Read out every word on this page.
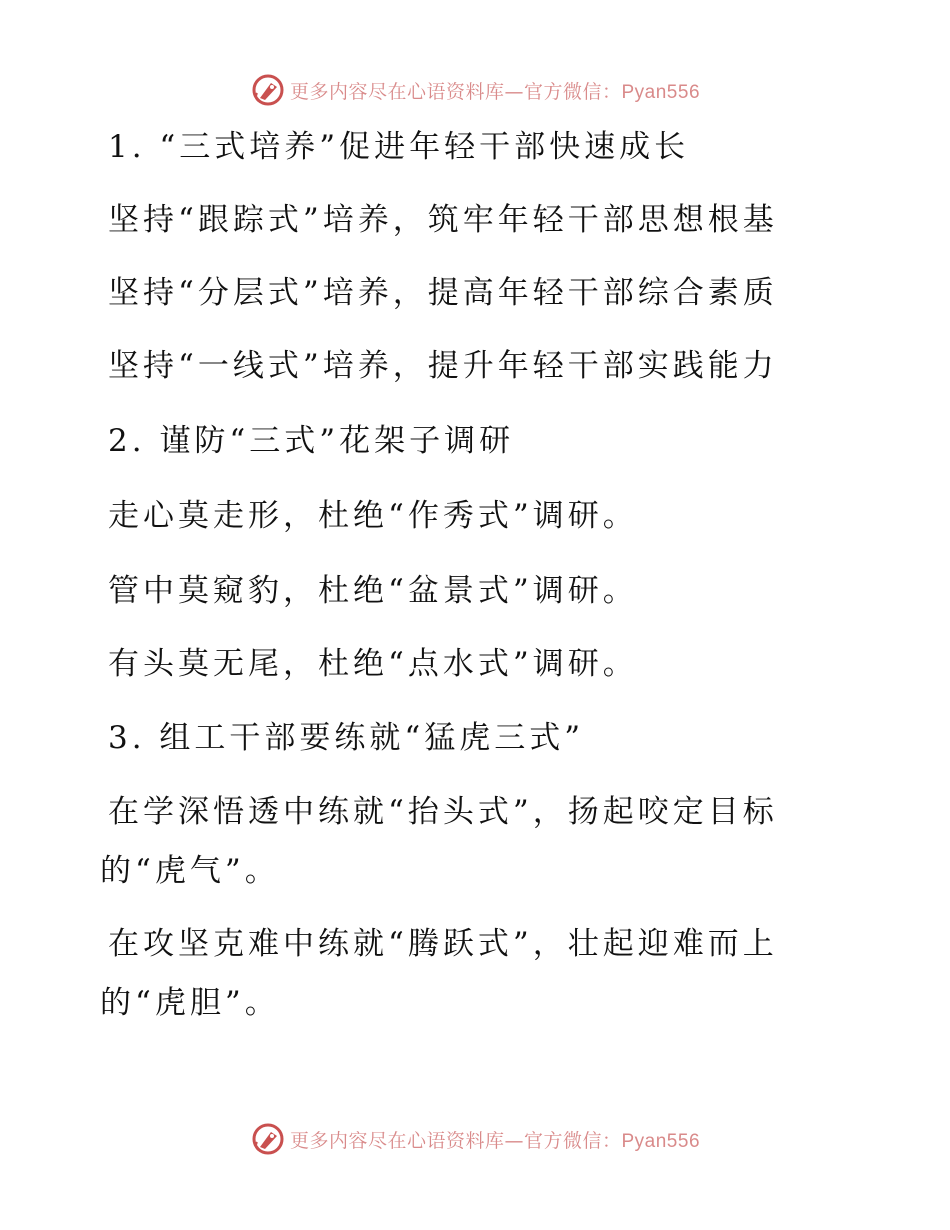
更多内容尽在心语资料库—官方微信：Pyan556
1. “三式培养”促进年轻干部快速成长
坚持“跟踪式”培养，筑牢年轻干部思想根基
坚持“分层式”培养，提高年轻干部综合素质
坚持“一线式”培养，提升年轻干部实践能力
2. 谨防“三式”花架子调研
走心莫走形，杜绝“作秀式”调研。
管中莫窥豹，杜绝“盆景式”调研。
有头莫无尾，杜绝“点水式”调研。
3. 组工干部要练就“猛虎三式”
在学深悟透中练就“抬头式”，扬起咬定目标
的“虎气”。
在攻坚克难中练就“腾跃式”，壮起迎难而上
的“虎胆”。
更多内容尽在心语资料库—官方微信：Pyan556
